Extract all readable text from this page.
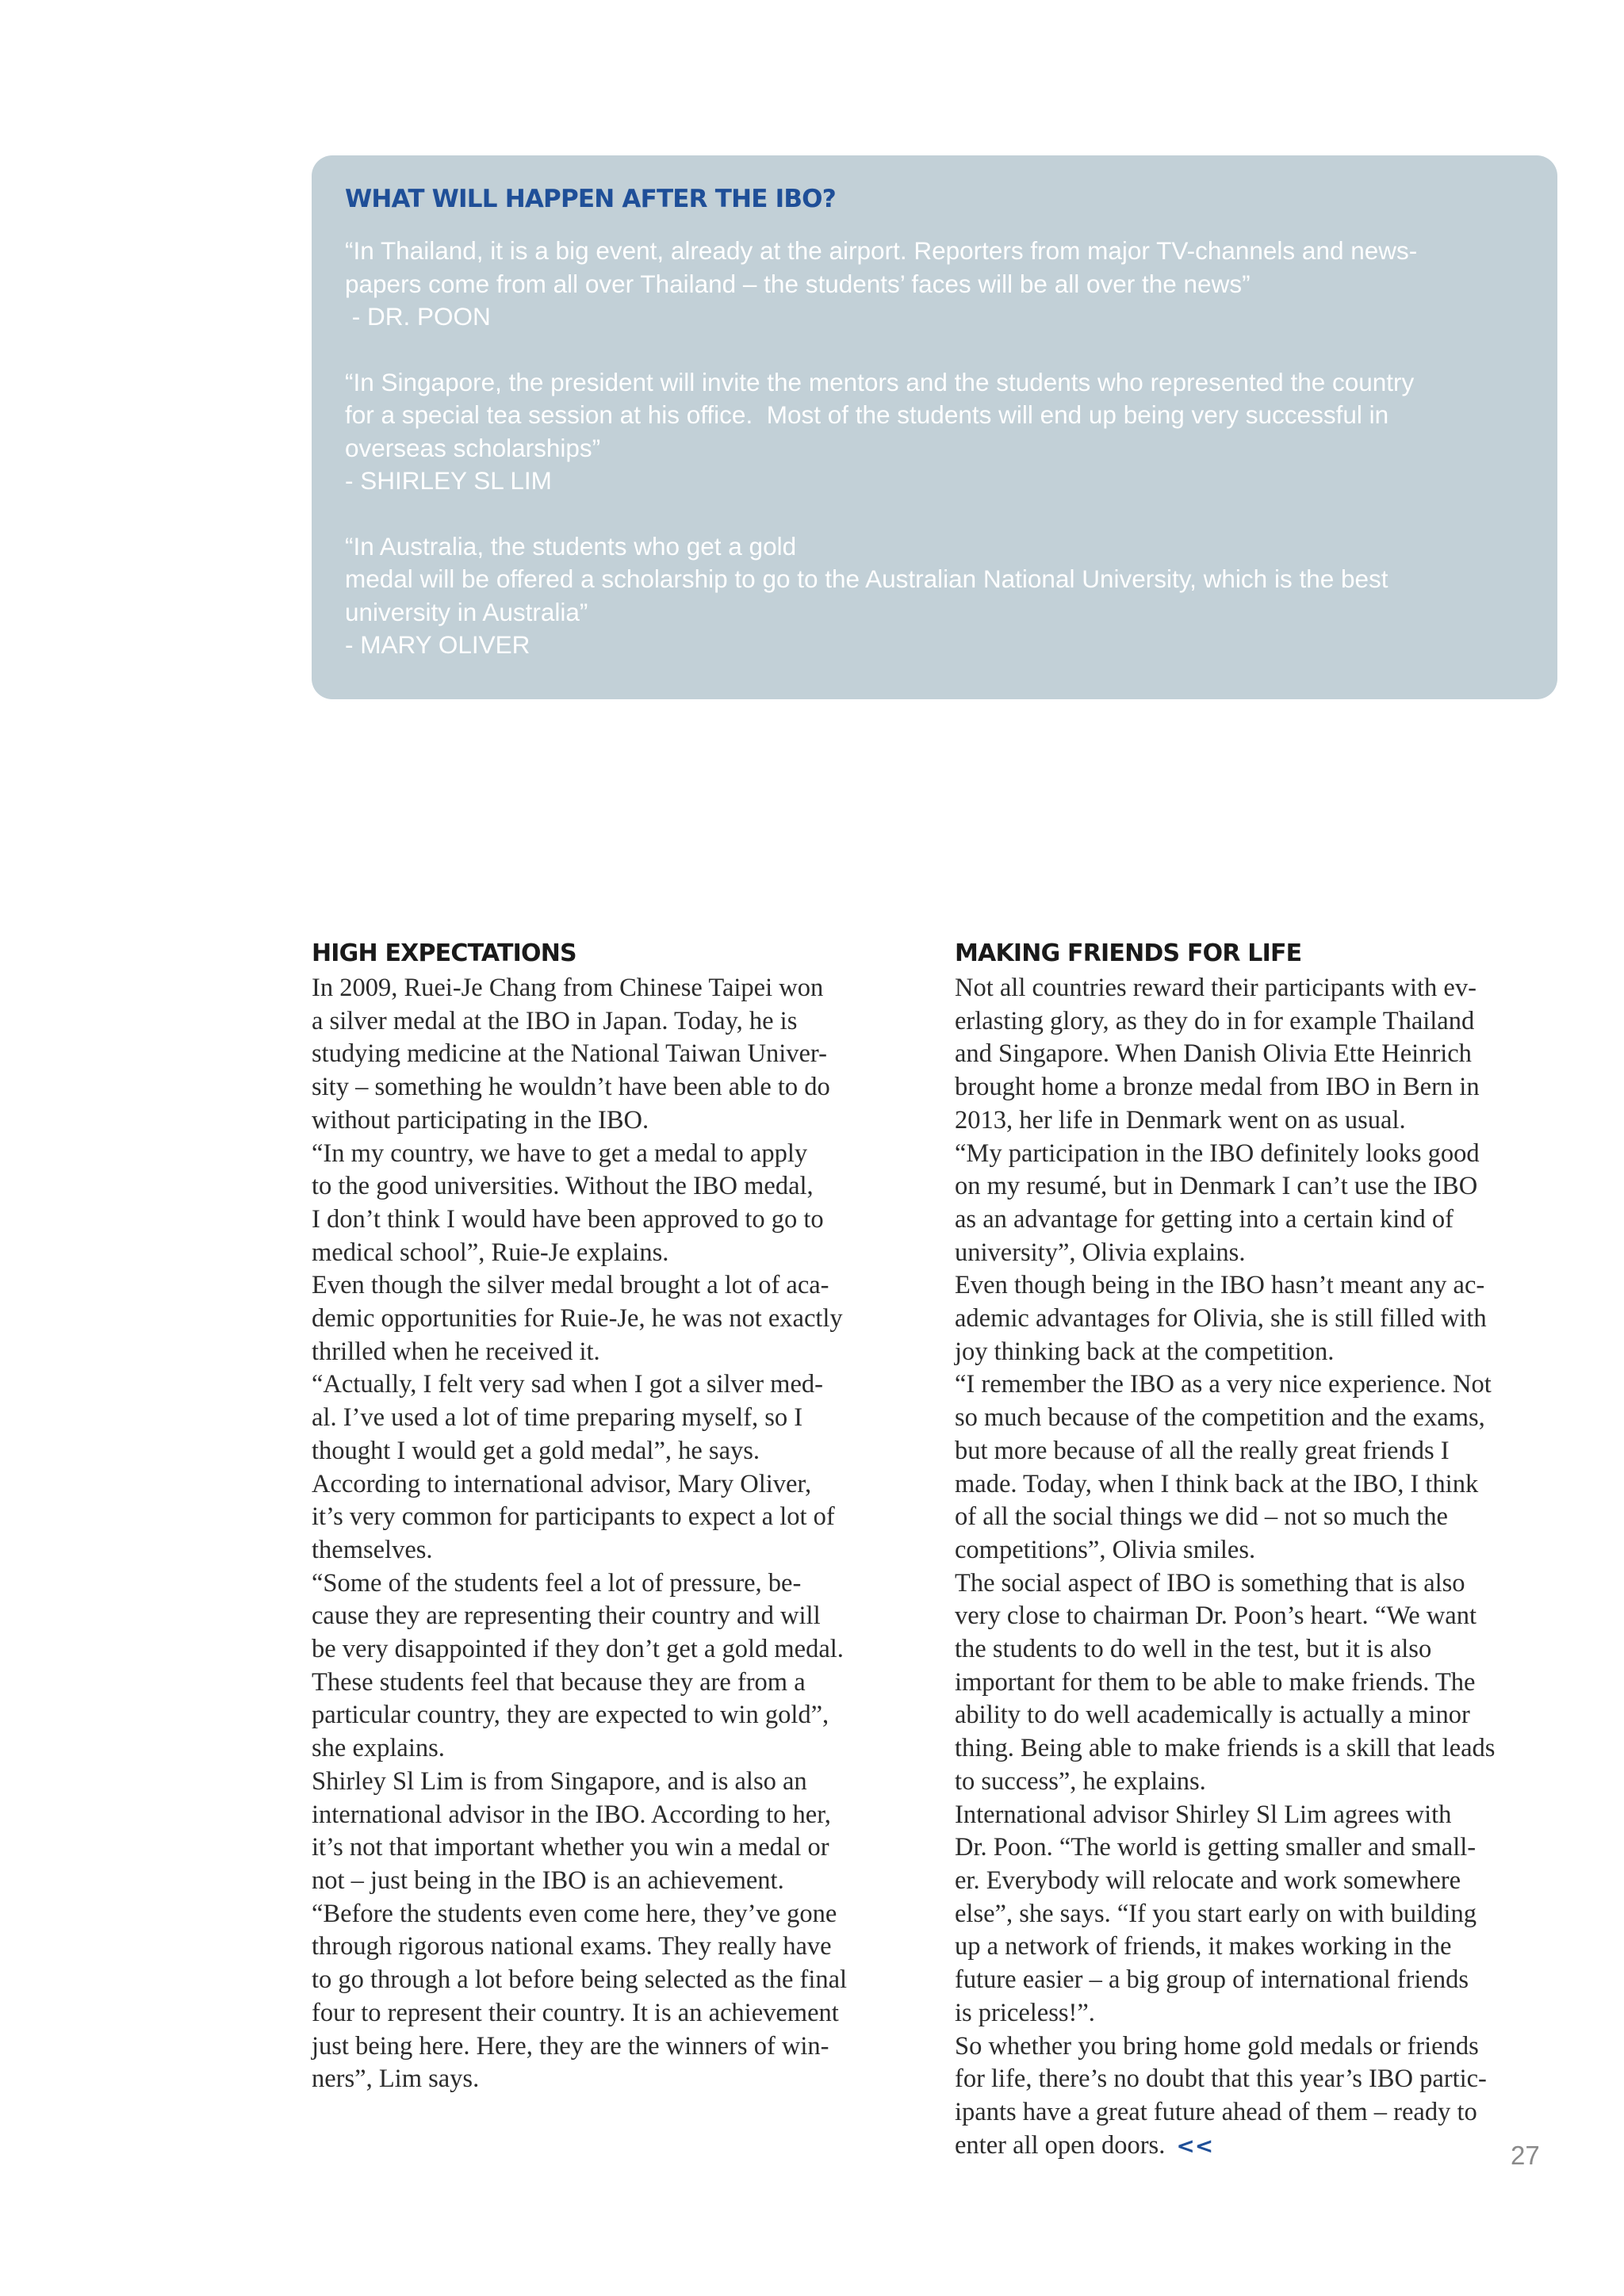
WHAT WILL HAPPEN AFTER THE IBO?
“In Thailand, it is a big event, already at the airport. Reporters from major TV-channels and news-
papers come from all over Thailand – the students’ faces will be all over the news”
- DR. POON
“In Singapore, the president will invite the mentors and the students who represented the country
for a special tea session at his office.  Most of the students will end up being very successful in
overseas scholarships”
- SHIRLEY SL LIM
“In Australia, the students who get a gold
medal will be offered a scholarship to go to the Australian National University, which is the best
university in Australia”
- MARY OLIVER
HIGH EXPECTATIONS
In 2009, Ruei-Je Chang from Chinese Taipei won
a silver medal at the IBO in Japan. Today, he is
studying medicine at the National Taiwan Univer-
sity – something he wouldn’t have been able to do
without participating in the IBO.
“In my country, we have to get a medal to apply
to the good universities. Without the IBO medal,
I don’t think I would have been approved to go to
medical school”, Ruie-Je explains.
Even though the silver medal brought a lot of aca-
demic opportunities for Ruie-Je, he was not exactly
thrilled when he received it.
“Actually, I felt very sad when I got a silver med-
al. I’ve used a lot of time preparing myself, so I
thought I would get a gold medal”, he says.
According to international advisor, Mary Oliver,
it’s very common for participants to expect a lot of
themselves.
“Some of the students feel a lot of pressure, be-
cause they are representing their country and will
be very disappointed if they don’t get a gold medal.
These students feel that because they are from a
particular country, they are expected to win gold”,
she explains.
Shirley Sl Lim is from Singapore, and is also an
international advisor in the IBO. According to her,
it’s not that important whether you win a medal or
not – just being in the IBO is an achievement.
“Before the students even come here, they’ve gone
through rigorous national exams. They really have
to go through a lot before being selected as the final
four to represent their country. It is an achievement
just being here. Here, they are the winners of win-
ners”, Lim says.
MAKING FRIENDS FOR LIFE
Not all countries reward their participants with ev-
erlasting glory, as they do in for example Thailand
and Singapore. When Danish Olivia Ette Heinrich
brought home a bronze medal from IBO in Bern in
2013, her life in Denmark went on as usual.
“My participation in the IBO definitely looks good
on my resumé, but in Denmark I can’t use the IBO
as an advantage for getting into a certain kind of
university”, Olivia explains.
Even though being in the IBO hasn’t meant any ac-
ademic advantages for Olivia, she is still filled with
joy thinking back at the competition.
“I remember the IBO as a very nice experience. Not
so much because of the competition and the exams,
but more because of all the really great friends I
made. Today, when I think back at the IBO, I think
of all the social things we did – not so much the
competitions”, Olivia smiles.
The social aspect of IBO is something that is also
very close to chairman Dr. Poon’s heart. “We want
the students to do well in the test, but it is also
important for them to be able to make friends. The
ability to do well academically is actually a minor
thing. Being able to make friends is a skill that leads
to success”, he explains.
International advisor Shirley Sl Lim agrees with
Dr. Poon. “The world is getting smaller and small-
er. Everybody will relocate and work somewhere
else”, she says. “If you start early on with building
up a network of friends, it makes working in the
future easier – a big group of international friends
is priceless!”.
So whether you bring home gold medals or friends
for life, there’s no doubt that this year’s IBO partic-
ipants have a great future ahead of them – ready to
enter all open doors. <<	27
